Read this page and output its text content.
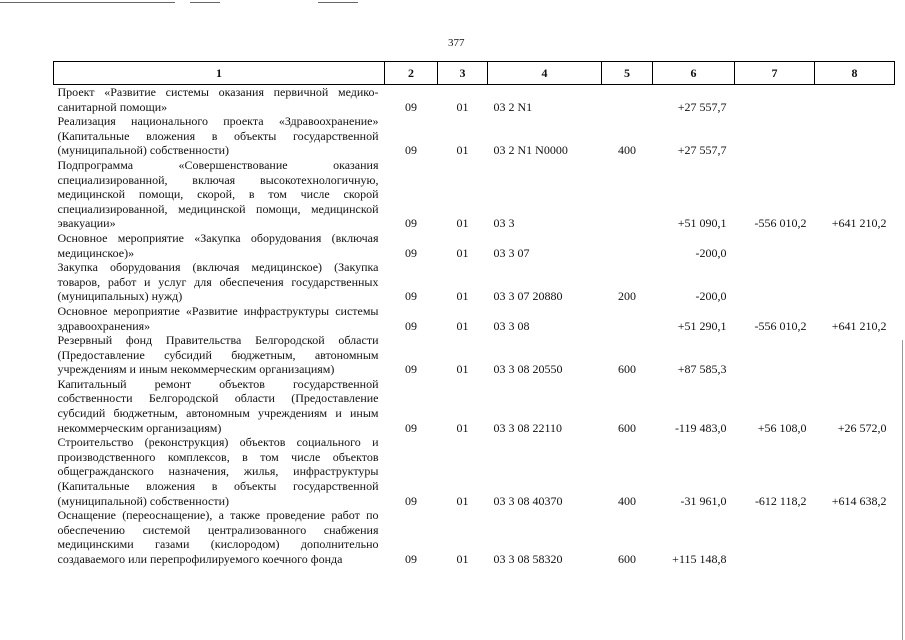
377
1	2	3	4	5	6	7	8
Проект «Развитие системы оказания первичной медико-санитарной помощи»	09	01	03 2 N1		+27 557,7		
Реализация национального проекта «Здравоохранение» (Капитальные вложения в объекты государственной (муниципальной) собственности)	09	01	03 2 N1 N0000	400	+27 557,7		
Подпрограмма «Совершенствование оказания специализированной, включая высокотехнологичную, медицинской помощи, скорой, в том числе скорой специализированной, медицинской помощи, медицинской эвакуации»	09	01	03 3		+51 090,1	-556 010,2	+641 210,2
Основное мероприятие «Закупка оборудования (включая медицинское)»	09	01	03 3 07		-200,0		
Закупка оборудования (включая медицинское) (Закупка товаров, работ и услуг для обеспечения государственных (муниципальных) нужд)	09	01	03 3 07 20880	200	-200,0		
Основное мероприятие «Развитие инфраструктуры системы здравоохранения»	09	01	03 3 08		+51 290,1	-556 010,2	+641 210,2
Резервный фонд Правительства Белгородской области (Предоставление субсидий бюджетным, автономным учреждениям и иным некоммерческим организациям)	09	01	03 3 08 20550	600	+87 585,3		
Капитальный ремонт объектов государственной собственности Белгородской области (Предоставление субсидий бюджетным, автономным учреждениям и иным некоммерческим организациям)	09	01	03 3 08 22110	600	-119 483,0	+56 108,0	+26 572,0
Строительство (реконструкция) объектов социального и производственного комплексов, в том числе объектов общегражданского назначения, жилья, инфраструктуры (Капитальные вложения в объекты государственной (муниципальной) собственности)	09	01	03 3 08 40370	400	-31 961,0	-612 118,2	+614 638,2
Оснащение (переоснащение), а также проведение работ по обеспечению системой централизованного снабжения медицинскими газами (кислородом) дополнительно создаваемого или перепрофилируемого коечного фонда	09	01	03 3 08 58320	600	+115 148,8		
